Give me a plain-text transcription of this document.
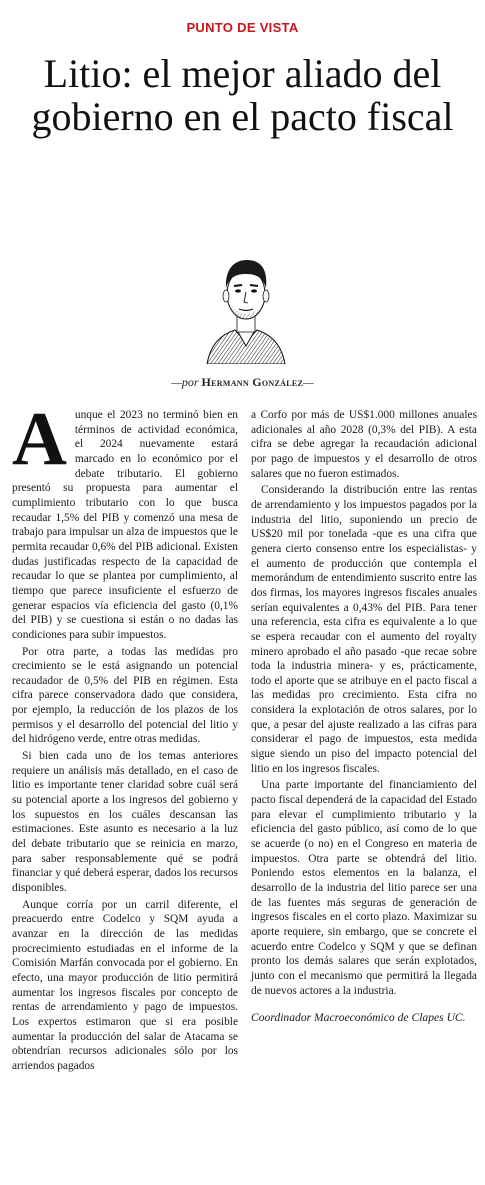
PUNTO DE VISTA
Litio: el mejor aliado del gobierno en el pacto fiscal
—por Hermann González—

Aunque el 2023 no terminó bien en términos de actividad económica, el 2024 nuevamente estará marcado en lo económico por el debate tributario. El gobierno presentó su propuesta para aumentar el cumplimiento tributario con lo que busca recaudar 1,5% del PIB y comenzó una mesa de trabajo para impulsar un alza de impuestos que le permita recaudar 0,6% del PIB adicional. Existen dudas justificadas respecto de la capacidad de recaudar lo que se plantea por cumplimiento, al tiempo que parece insuficiente el esfuerzo de generar espacios vía eficiencia del gasto (0,1% del PIB) y se cuestiona si están o no dadas las condiciones para subir impuestos.

Por otra parte, a todas las medidas pro crecimiento se le está asignando un potencial recaudador de 0,5% del PIB en régimen. Esta cifra parece conservadora dado que considera, por ejemplo, la reducción de los plazos de los permisos y el desarrollo del potencial del litio y del hidrógeno verde, entre otras medidas.

Si bien cada uno de los temas anteriores requiere un análisis más detallado, en el caso de litio es importante tener claridad sobre cuál será su potencial aporte a los ingresos del gobierno y los supuestos en los cuáles descansan las estimaciones. Este asunto es necesario a la luz del debate tributario que se reinicia en marzo, para saber responsablemente qué se podrá financiar y qué deberá esperar, dados los recursos disponibles.

Aunque corría por un carril diferente, el preacuerdo entre Codelco y SQM ayuda a avanzar en la dirección de las medidas procrecimiento estudiadas en el informe de la Comisión Marfán convocada por el gobierno. En efecto, una mayor producción de litio permitirá aumentar los ingresos fiscales por concepto de rentas de arrendamiento y pago de impuestos. Los expertos estimaron que si era posible aumentar la producción del salar de Atacama se obtendrían recursos adicionales sólo por los arriendos pagados

a Corfo por más de US$1.000 millones anuales adicionales al año 2028 (0,3% del PIB). A esta cifra se debe agregar la recaudación adicional por pago de impuestos y el desarrollo de otros salares que no fueron estimados.

Considerando la distribución entre las rentas de arrendamiento y los impuestos pagados por la industria del litio, suponiendo un precio de US$20 mil por tonelada -que es una cifra que genera cierto consenso entre los especialistas- y el aumento de producción que contempla el memorándum de entendimiento suscrito entre las dos firmas, los mayores ingresos fiscales anuales serían equivalentes a 0,43% del PIB. Para tener una referencia, esta cifra es equivalente a lo que se espera recaudar con el aumento del royalty minero aprobado el año pasado -que recae sobre toda la industria minera- y es, prácticamente, todo el aporte que se atribuye en el pacto fiscal a las medidas pro crecimiento. Esta cifra no considera la explotación de otros salares, por lo que, a pesar del ajuste realizado a las cifras para considerar el pago de impuestos, esta medida sigue siendo un piso del impacto potencial del litio en los ingresos fiscales.

Una parte importante del financiamiento del pacto fiscal dependerá de la capacidad del Estado para elevar el cumplimiento tributario y la eficiencia del gasto público, así como de lo que se acuerde (o no) en el Congreso en materia de impuestos. Otra parte se obtendrá del litio. Poniendo estos elementos en la balanza, el desarrollo de la industria del litio parece ser una de las fuentes más seguras de generación de ingresos fiscales en el corto plazo. Maximizar su aporte requiere, sin embargo, que se concrete el acuerdo entre Codelco y SQM y que se definan pronto los demás salares que serán explotados, junto con el mecanismo que permitirá la llegada de nuevos actores a la industria.

Coordinador Macroeconómico de Clapes UC.
